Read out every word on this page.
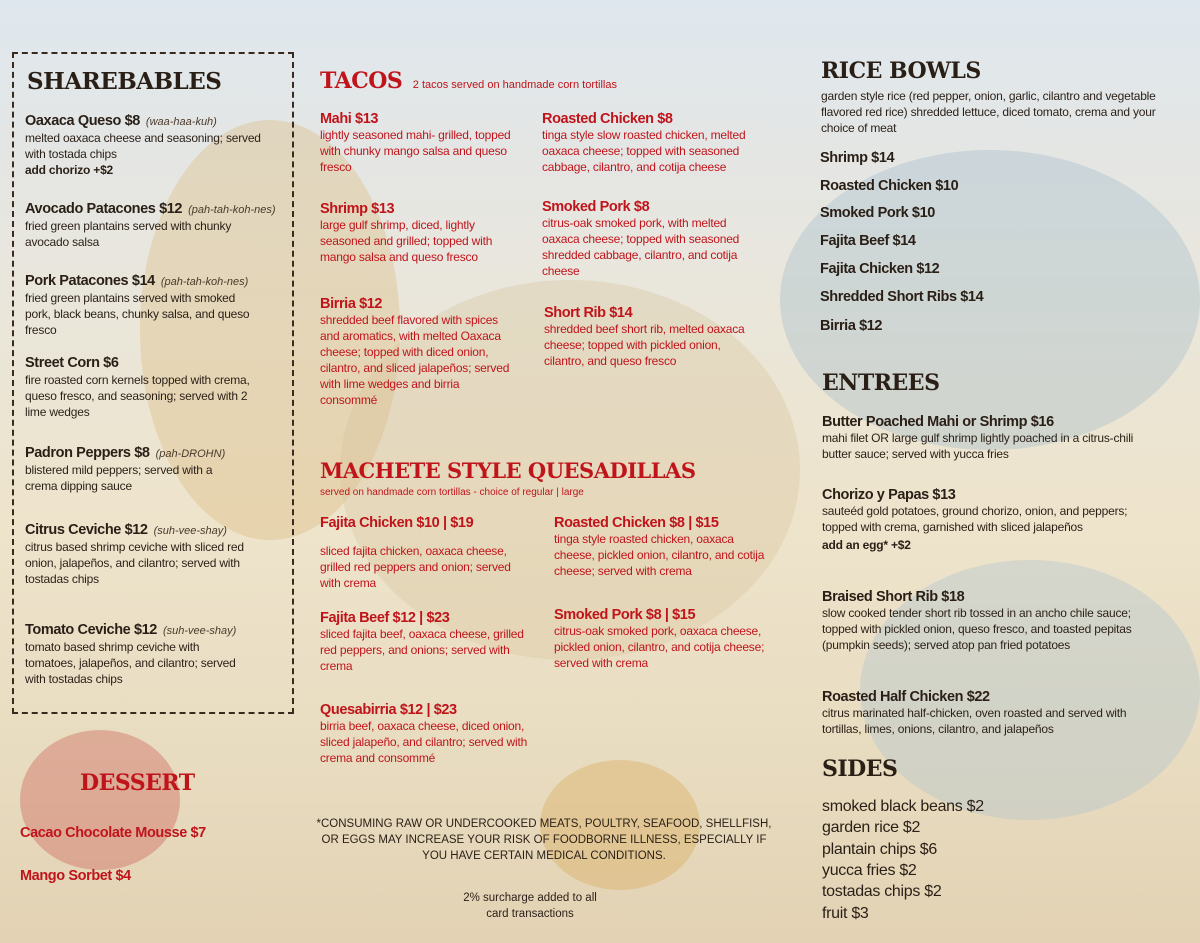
SHAREBABLES
Oaxaca Queso $8 (waa-haa-kuh)
melted oaxaca cheese and seasoning; served with tostada chips
add chorizo +$2
Avocado Patacones $12 (pah-tah-koh-nes)
fried green plantains served with chunky avocado salsa
Pork Patacones $14 (pah-tah-koh-nes)
fried green plantains served with smoked pork, black beans, chunky salsa, and queso fresco
Street Corn $6
fire roasted corn kernels topped with crema, queso fresco, and seasoning; served with 2 lime wedges
Padron Peppers $8 (pah-DROHN)
blistered mild peppers; served with a crema dipping sauce
Citrus Ceviche $12 (suh-vee-shay)
citrus based shrimp ceviche with sliced red onion, jalapeños, and cilantro; served with tostadas chips
Tomato Ceviche $12 (suh-vee-shay)
tomato based shrimp ceviche with tomatoes, jalapeños, and cilantro; served with tostadas chips
DESSERT
Cacao Chocolate Mousse $7
Mango Sorbet $4
TACOS 2 tacos served on handmade corn tortillas
Mahi $13
lightly seasoned mahi- grilled, topped with chunky mango salsa and queso fresco
Shrimp $13
large gulf shrimp, diced, lightly seasoned and grilled; topped with mango salsa and queso fresco
Birria $12
shredded beef flavored with spices and aromatics, with melted Oaxaca cheese; topped with diced onion, cilantro, and sliced jalapeños; served with lime wedges and birria consommé
Roasted Chicken $8
tinga style slow roasted chicken, melted oaxaca cheese; topped with seasoned cabbage, cilantro, and cotija cheese
Smoked Pork $8
citrus-oak smoked pork, with melted oaxaca cheese; topped with seasoned shredded cabbage, cilantro, and cotija cheese
Short Rib $14
shredded beef short rib, melted oaxaca cheese; topped with pickled onion, cilantro, and queso fresco
MACHETE STYLE QUESADILLAS
served on handmade corn tortillas - choice of regular | large
Fajita Chicken $10 | $19
sliced fajita chicken, oaxaca cheese, grilled red peppers and onion; served with crema
Fajita Beef $12 | $23
sliced fajita beef, oaxaca cheese, grilled red peppers, and onions; served with crema
Quesabirria $12 | $23
birria beef, oaxaca cheese, diced onion, sliced jalapeño, and cilantro; served with crema and consommé
Roasted Chicken $8 | $15
tinga style roasted chicken, oaxaca cheese, pickled onion, cilantro, and cotija cheese; served with crema
Smoked Pork $8 | $15
citrus-oak smoked pork, oaxaca cheese, pickled onion, cilantro, and cotija cheese; served with crema
*CONSUMING RAW OR UNDERCOOKED MEATS, POULTRY, SEAFOOD, SHELLFISH, OR EGGS MAY INCREASE YOUR RISK OF FOODBORNE ILLNESS, ESPECIALLY IF YOU HAVE CERTAIN MEDICAL CONDITIONS.
2% surcharge added to all card transactions
RICE BOWLS
garden style rice (red pepper, onion, garlic, cilantro and vegetable flavored red rice) shredded lettuce, diced tomato, crema and your choice of meat
Shrimp $14
Roasted Chicken $10
Smoked Pork $10
Fajita Beef $14
Fajita Chicken $12
Shredded Short Ribs $14
Birria $12
ENTREES
Butter Poached Mahi or Shrimp $16
mahi filet OR large gulf shrimp lightly poached in a citrus-chili butter sauce; served with yucca fries
Chorizo y Papas $13
sauteéd gold potatoes, ground chorizo, onion, and peppers; topped with crema, garnished with sliced jalapeños
add an egg* +$2
Braised Short Rib $18
slow cooked tender short rib tossed in an ancho chile sauce; topped with pickled onion, queso fresco, and toasted pepitas (pumpkin seeds); served atop pan fried potatoes
Roasted Half Chicken $22
citrus marinated half-chicken, oven roasted and served with tortillas, limes, onions, cilantro, and jalapeños
SIDES
smoked black beans $2
garden rice $2
plantain chips $6
yucca fries $2
tostadas chips $2
fruit $3
